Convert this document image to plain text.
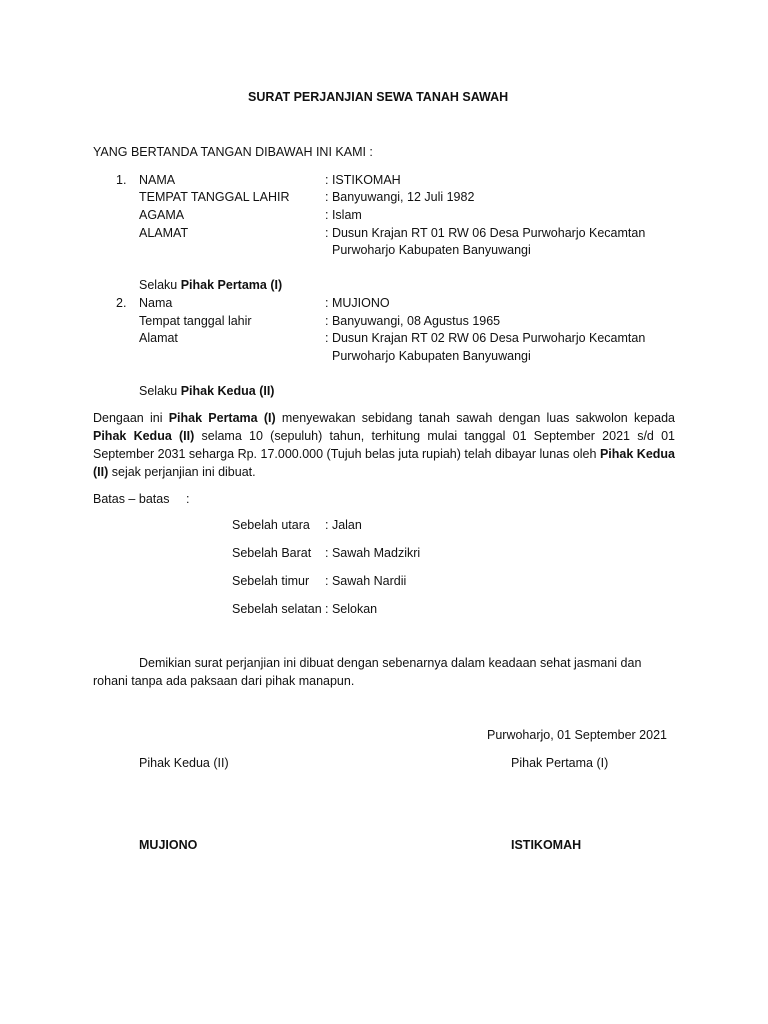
SURAT PERJANJIAN SEWA TANAH SAWAH
YANG BERTANDA TANGAN DIBAWAH INI KAMI :
1. NAMA
TEMPAT TANGGAL LAHIR
AGAMA
ALAMAT
: ISTIKOMAH
: Banyuwangi, 12 Juli 1982
: Islam
: Dusun Krajan RT 01 RW 06 Desa Purwoharjo Kecamtan
Purwoharjo Kabupaten Banyuwangi
Selaku Pihak Pertama (I)
2. Nama
Tempat tanggal lahir
Alamat
: MUJIONO
: Banyuwangi, 08 Agustus 1965
: Dusun Krajan RT 02 RW 06 Desa Purwoharjo Kecamtan
Purwoharjo Kabupaten Banyuwangi
Selaku Pihak Kedua (II)
Dengaan ini Pihak Pertama (I) menyewakan sebidang tanah sawah dengan luas sakwolon kepada Pihak Kedua (II) selama 10 (sepuluh) tahun, terhitung mulai tanggal 01 September 2021 s/d 01 September 2031 seharga Rp. 17.000.000 (Tujuh belas juta rupiah) telah dibayar lunas oleh Pihak Kedua (II) sejak perjanjian ini dibuat.
Batas – batas :
Sebelah utara : Jalan
Sebelah Barat : Sawah Madzikri
Sebelah timur : Sawah Nardii
Sebelah selatan : Selokan
Demikian surat perjanjian ini dibuat dengan sebenarnya dalam keadaan sehat jasmani dan rohani tanpa ada paksaan dari pihak manapun.
Purwoharjo, 01 September 2021
Pihak Kedua (II)	Pihak Pertama (I)
MUJIONO	ISTIKOMAH
